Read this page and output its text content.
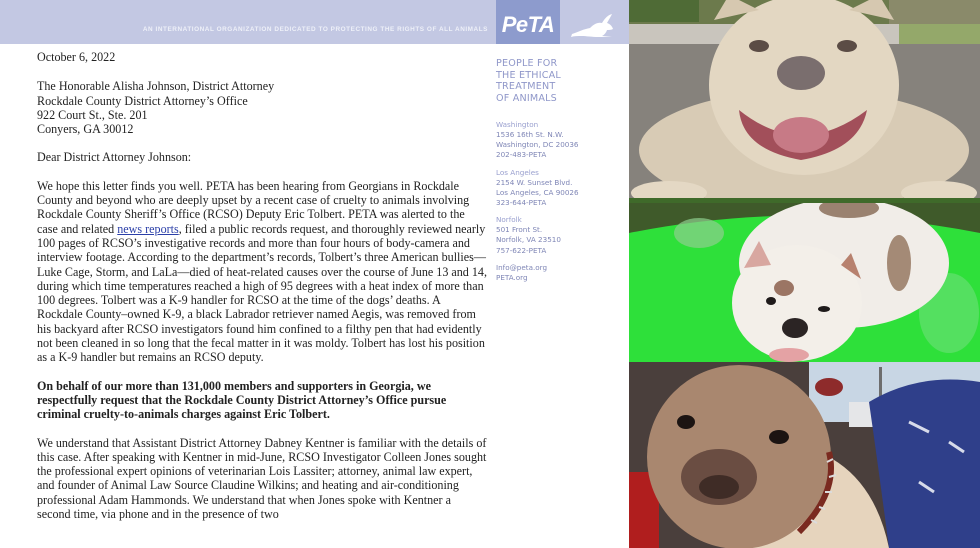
AN INTERNATIONAL ORGANIZATION DEDICATED TO PROTECTING THE RIGHTS OF ALL ANIMALS PeTA

October 6, 2022

The Honorable Alisha Johnson, District Attorney
Rockdale County District Attorney’s Office
922 Court St., Ste. 201
Conyers, GA 30012

Dear District Attorney Johnson:

We hope this letter finds you well. PETA has been hearing from Georgians in Rockdale County and beyond who are deeply upset by a recent case of cruelty to animals involving Rockdale County Sheriff’s Office (RCSO) Deputy Eric Tolbert. PETA was alerted to the case and related news reports, filed a public records request, and thoroughly reviewed nearly 100 pages of RCSO’s investigative records and more than four hours of body-camera and interview footage. According to the department’s records, Tolbert’s three American bullies—Luke Cage, Storm, and LaLa—died of heat-related causes over the course of June 13 and 14, during which time temperatures reached a high of 95 degrees with a heat index of more than 100 degrees. Tolbert was a K-9 handler for RCSO at the time of the dogs’ deaths. A Rockdale County–owned K-9, a black Labrador retriever named Aegis, was removed from his backyard after RCSO investigators found him confined to a filthy pen that had evidently not been cleaned in so long that the fecal matter in it was moldy. Tolbert has lost his position as a K-9 handler but remains an RCSO deputy.

On behalf of our more than 131,000 members and supporters in Georgia, we respectfully request that the Rockdale County District Attorney’s Office pursue criminal cruelty-to-animals charges against Eric Tolbert.

We understand that Assistant District Attorney Dabney Kentner is familiar with the details of this case. After speaking with Kentner in mid-June, RCSO Investigator Colleen Jones sought the professional expert opinions of veterinarian Lois Lassiter; attorney, animal law expert, and founder of Animal Law Source Claudine Wilkins; and heating and air-conditioning professional Adam Hammonds. We understand that when Jones spoke with Kentner a second time, via phone and in the presence of two

PEOPLE FOR
THE ETHICAL
TREATMENT
OF ANIMALS
Washington
1536 16th St. N.W.
Washington, DC 20036
202-483-PETA
Los Angeles
2154 W. Sunset Blvd.
Los Angeles, CA 90026
323-644-PETA
Norfolk
501 Front St.
Norfolk, VA 23510
757-622-PETA
Info@peta.org
PETA.org
